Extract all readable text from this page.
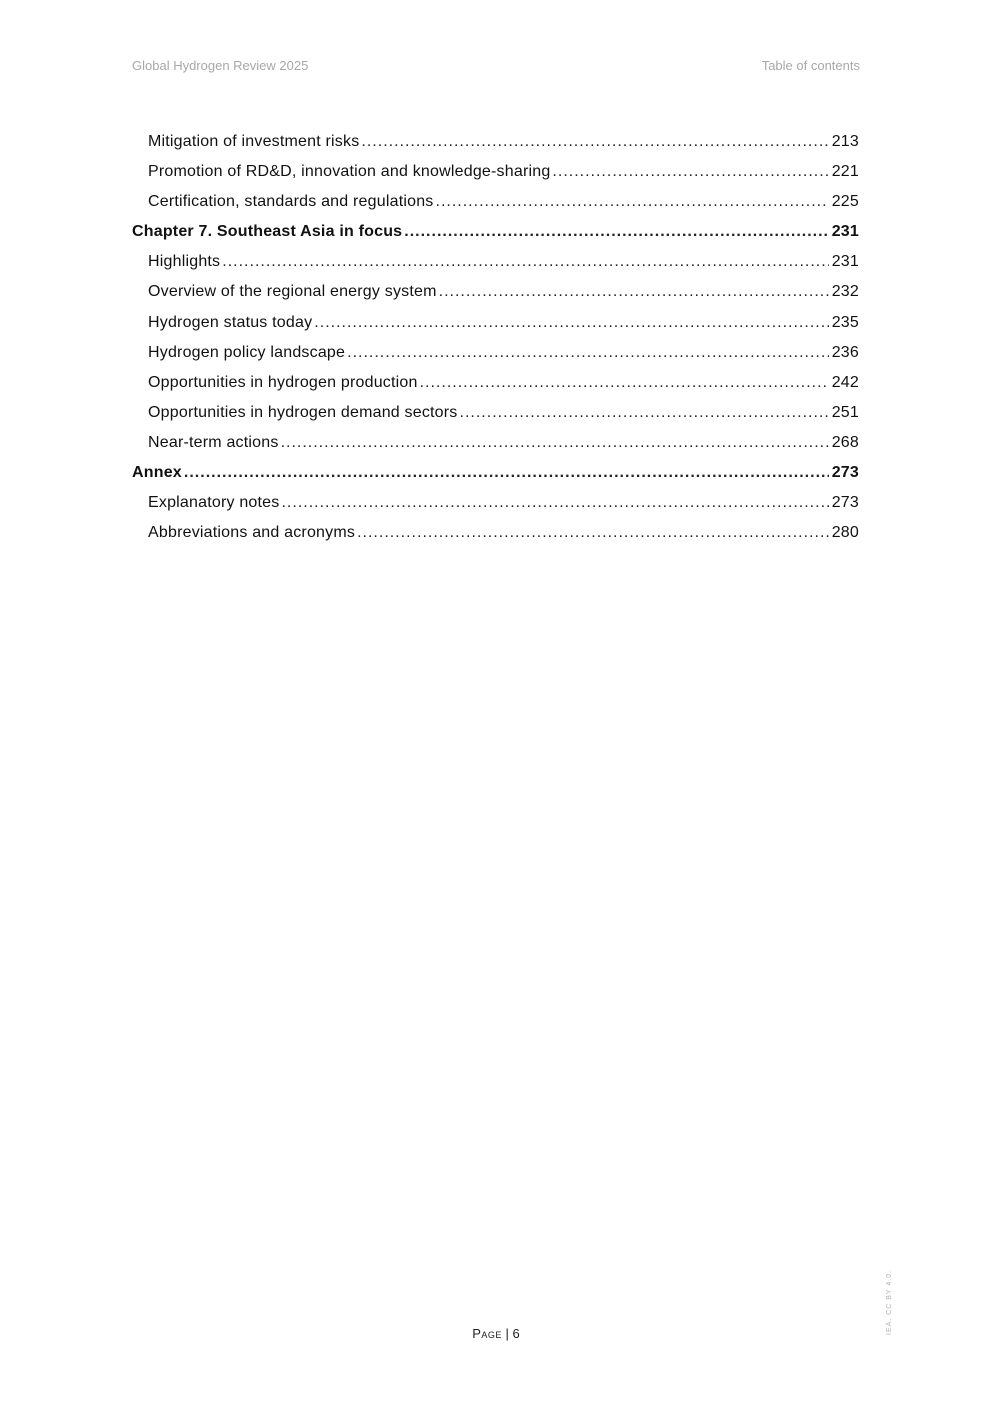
Global Hydrogen Review 2025	Table of contents
Mitigation of investment risks .....	213
Promotion of RD&D, innovation and knowledge-sharing .....	221
Certification, standards and regulations .....	225
Chapter 7. Southeast Asia in focus .....	231
Highlights .....	231
Overview of the regional energy system .....	232
Hydrogen status today .....	235
Hydrogen policy landscape .....	236
Opportunities in hydrogen production .....	242
Opportunities in hydrogen demand sectors .....	251
Near-term actions .....	268
Annex .....	273
Explanatory notes .....	273
Abbreviations and acronyms .....	280
Page | 6	IEA. CC BY 4.0.
